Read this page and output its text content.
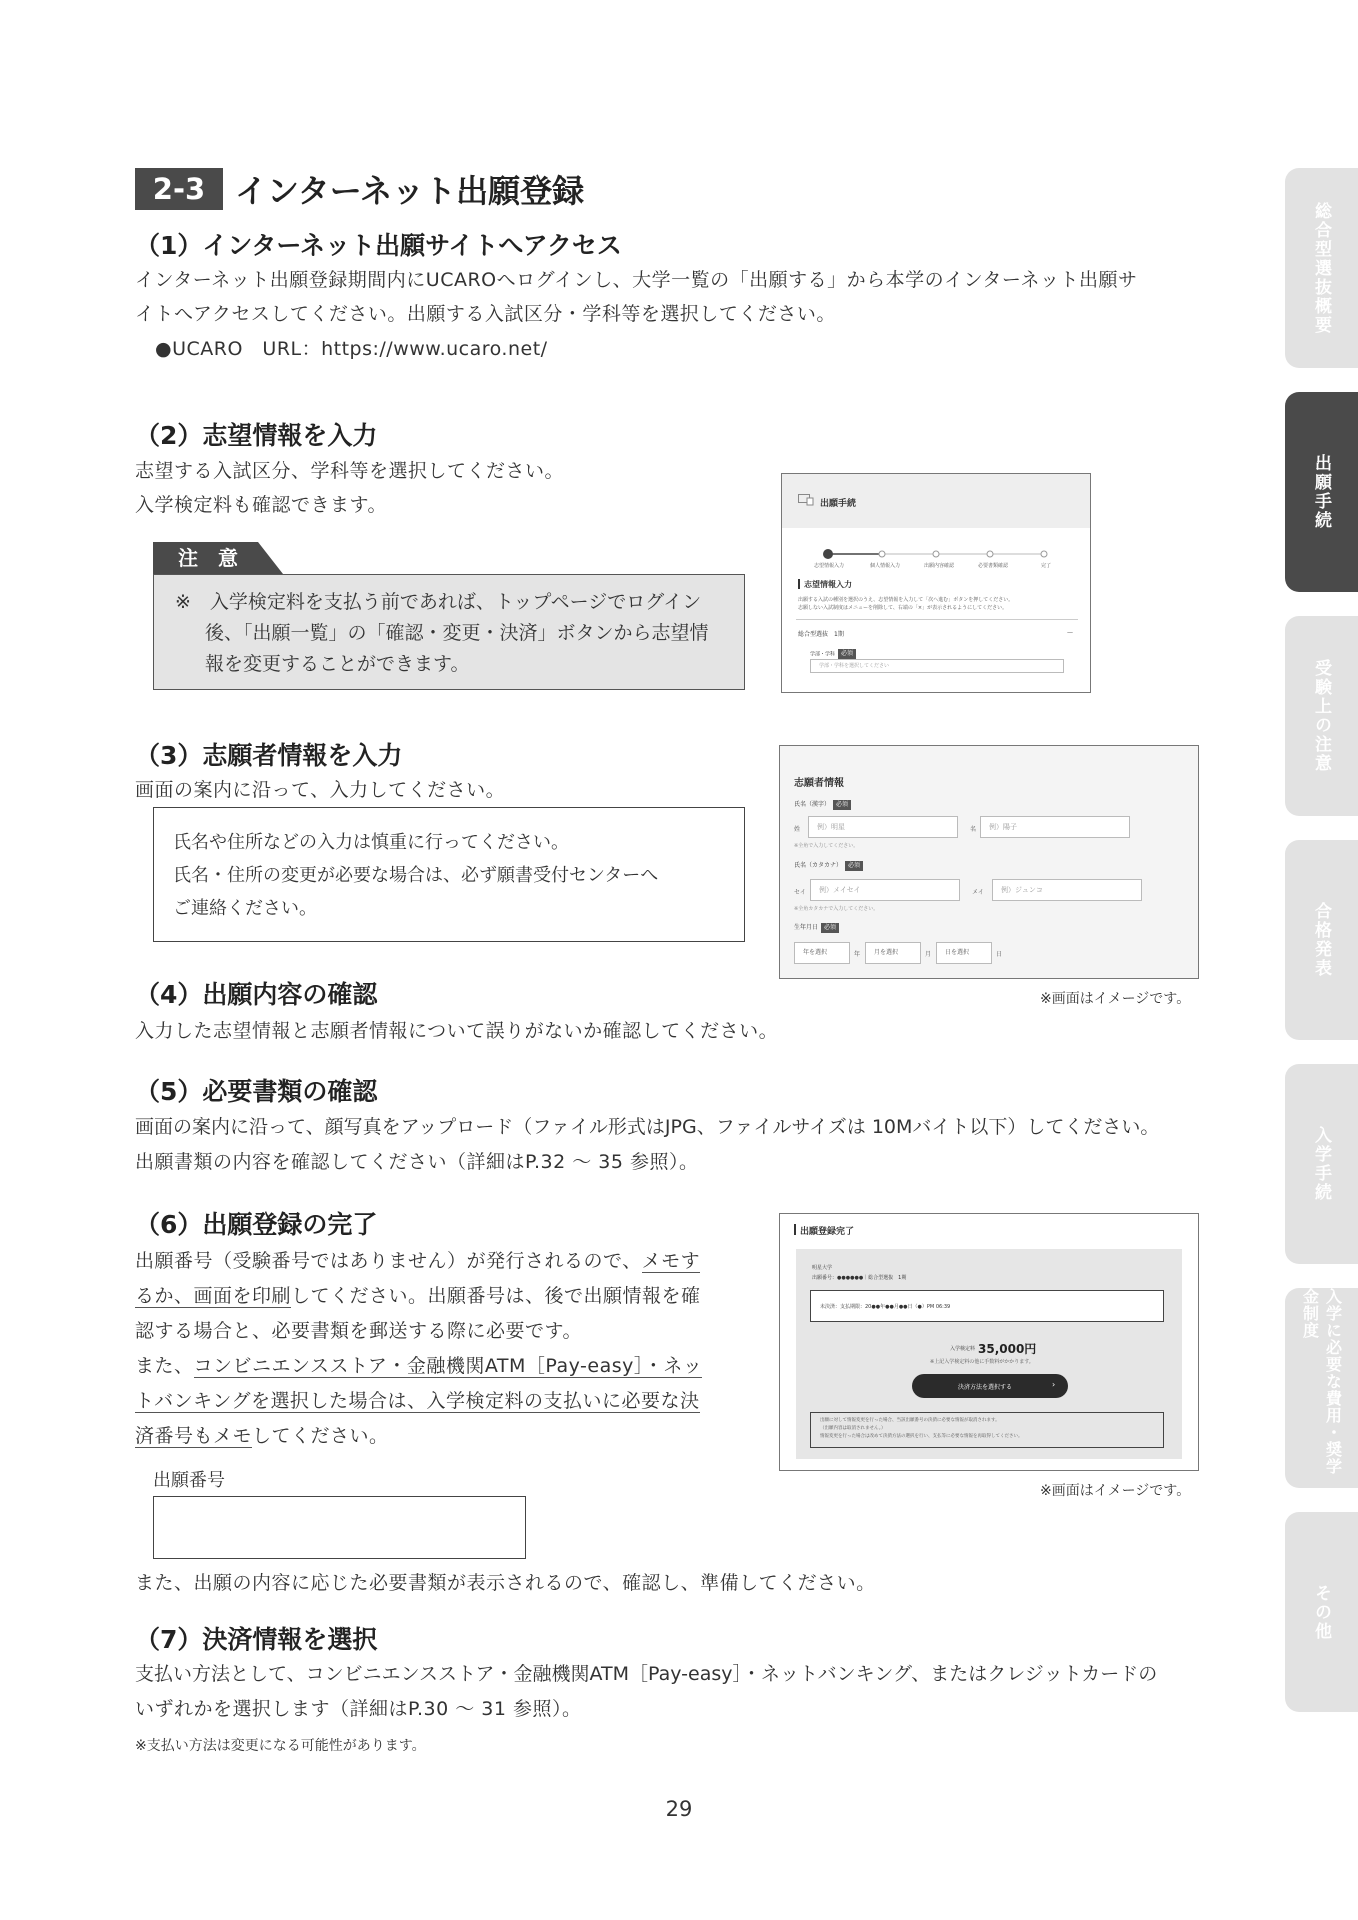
2-3 インターネット出願登録
（1）インターネット出願サイトへアクセス
インターネット出願登録期間内にUCAROへログインし、大学一覧の「出願する」から本学のインターネット出願サ
イトへアクセスしてください。出願する入試区分・学科等を選択してください。
●UCARO　URL：https://www.ucaro.net/
（2）志望情報を入力
志望する入試区分、学科等を選択してください。
入学検定料も確認できます。
注　意
※　入学検定料を支払う前であれば、トップページでログイン
後、「出願一覧」の「確認・変更・決済」ボタンから志望情
報を変更することができます。
出願手続
志望情報入力	個人情報入力	出願内容確認	必要書類確認	完了
志望情報入力
出願する入試の種別を選択のうえ、志望情報を入力して「次へ進む」ボタンを押してください。
志願しない入試制度はメニューを削除して、右端の「×」が表示されるようにしてください。
総合型選抜　1期	—
学部・学科 必須
学部・学科を選択してください
（3）志願者情報を入力
画面の案内に沿って、入力してください。
氏名や住所などの入力は慎重に行ってください。
氏名・住所の変更が必要な場合は、必ず願書受付センターへ
ご連絡ください。
志願者情報
氏名（漢字） 必須
姓	例）明星	名	例）陽子
※全角で入力してください。
氏名（カタカナ） 必須
セイ	例）メイセイ	メイ	例）ジュンコ
※全角カタカナで入力してください。
生年月日 必須
年を選択	年	月を選択	月	日を選択	日
※画面はイメージです。
（4）出願内容の確認
入力した志望情報と志願者情報について誤りがないか確認してください。
（5）必要書類の確認
画面の案内に沿って、顔写真をアップロード（ファイル形式はJPG、ファイルサイズは 10Mバイト以下）してください。
出願書類の内容を確認してください（詳細はP.32 ～ 35 参照）。
（6）出願登録の完了
出願番号（受験番号ではありません）が発行されるので、メモす
るか、画面を印刷してください。出願番号は、後で出願情報を確
認する場合と、必要書類を郵送する際に必要です。
また、コンビニエンスストア・金融機関ATM［Pay-easy］・ネッ
トバンキングを選択した場合は、入学検定料の支払いに必要な決
済番号もメモしてください。
出願番号
また、出願の内容に応じた必要書類が表示されるので、確認し、準備してください。
出願登録完了
明星大学
出願番号：●●●●●●｜総合型選抜　1期
未決済：支払期限：20●●年●●月●●日（●）PM 06:39
入学検定料 35,000円
※上記入学検定料の他に手数料がかかります。
決済方法を選択する	›
出願に対して情報変更を行った場合、当該出願番号の決済に必要な情報が取消されます。
（出願内容は取消されません。）
情報変更を行った場合は改めて決済方法の選択を行い、支払等に必要な情報を再取得してください。
※画面はイメージです。
（7）決済情報を選択
支払い方法として、コンビニエンスストア・金融機関ATM［Pay-easy］・ネットバンキング、またはクレジットカードの
いずれかを選択します（詳細はP.30 ～ 31 参照）。
※支払い方法は変更になる可能性があります。
29
総合型選抜概要
出願手続
受験上の注意
合格発表
入学手続
入学に必要な費用・奨学金制度
その他
